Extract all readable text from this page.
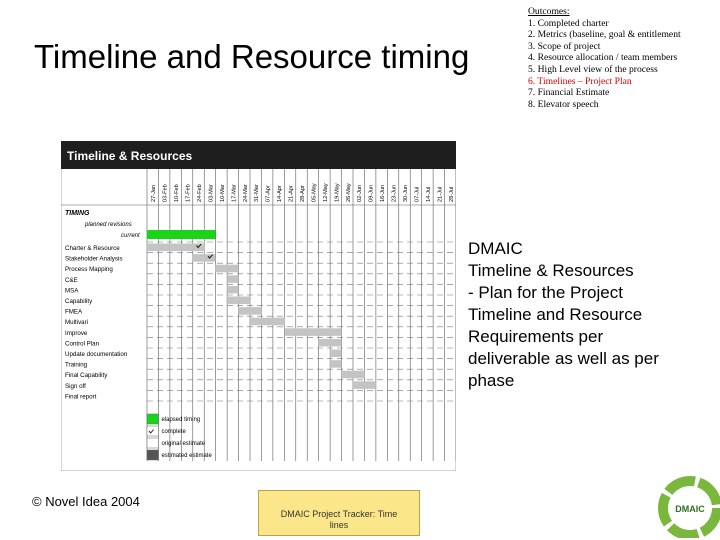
Timeline and Resource timing
Outcomes:
1. Completed charter
2. Metrics (baseline, goal & entitlement
3. Scope of project
4. Resource allocation / team members
5. High Level view of the process
6. Timelines – Project Plan
7. Financial Estimate
8. Elevator speech
Timeline & Resources
27-Jan 03-Feb 10-Feb 17-Feb 24-Feb 03-Mar 10-Mar 17-Mar 24-Mar 31-Mar 07-Apr 14-Apr 21-Apr 28-Apr 05-May 12-May 19-May 26-May 02-Jun 09-Jun 16-Jun 23-Jun 30-Jun 07-Jul 14-Jul 21-Jul 28-Jul
TIMING
planned revisions
current
Charter & Resource
Stakeholder Analysis
Process Mapping
C&E
MSA
Capability
FMEA
Multivari
Improve
Control Plan
Update documentation
Training
Final Capability
Sign off
Final report
elapsed timing
complete
original estimate
estimated estimate
DMAIC
Timeline & Resources
- Plan for the Project
Timeline and Resource
Requirements per
deliverable as well as per
phase
© Novel Idea 2004
DMAIC Project Tracker: Time
lines
DMAIC
